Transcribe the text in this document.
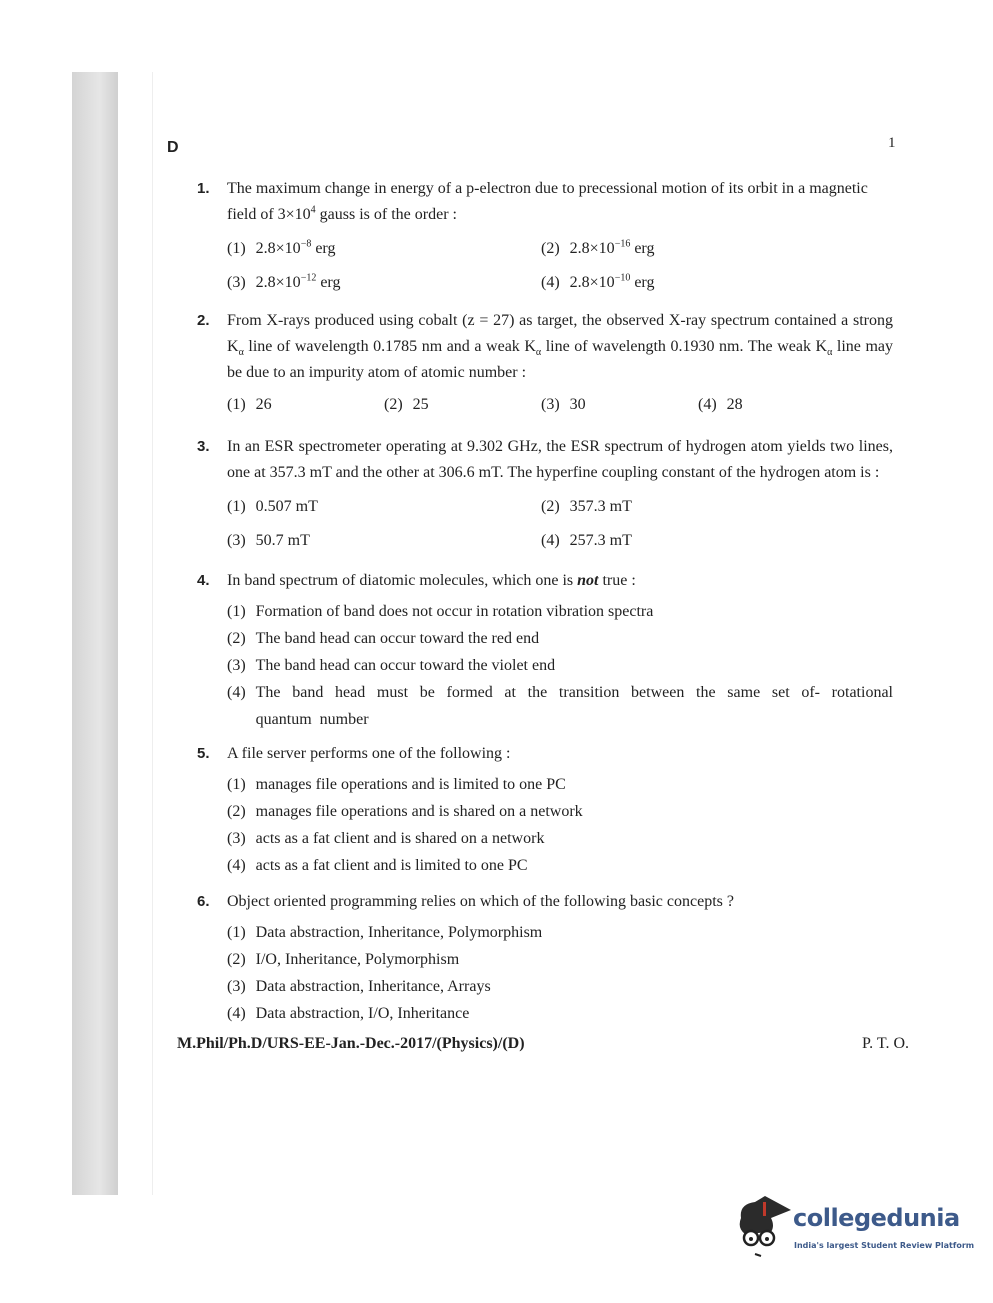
D	1
1. The maximum change in energy of a p-electron due to precessional motion of its orbit in a magnetic field of $3\times 10^4$ gauss is of the order :
(1) $2.8\times 10^{-8}$ erg	(2) $2.8\times 10^{-16}$ erg
(3) $2.8\times 10^{-12}$ erg	(4) $2.8\times 10^{-10}$ erg
2. From X-rays produced using cobalt (z = 27) as target, the observed X-ray spectrum contained a strong $K_\alpha$ line of wavelength 0.1785 nm and a weak $K_\alpha$ line of wavelength 0.1930 nm. The weak $K_\alpha$ line may be due to an impurity atom of atomic number :
(1) 26	(2) 25	(3) 30	(4) 28
3. In an ESR spectrometer operating at 9.302 GHz, the ESR spectrum of hydrogen atom yields two lines, one at 357.3 mT and the other at 306.6 mT. The hyperfine coupling constant of the hydrogen atom is :
(1) 0.507 mT	(2) 357.3 mT
(3) 50.7 mT	(4) 257.3 mT
4. In band spectrum of diatomic molecules, which one is not true :
(1) Formation of band does not occur in rotation vibration spectra
(2) The band head can occur toward the red end
(3) The band head can occur toward the violet end
(4) The band head must be formed at the transition between the same set of- rotational quantum number
5. A file server performs one of the following :
(1) manages file operations and is limited to one PC
(2) manages file operations and is shared on a network
(3) acts as a fat client and is shared on a network
(4) acts as a fat client and is limited to one PC
6. Object oriented programming relies on which of the following basic concepts ?
(1) Data abstraction, Inheritance, Polymorphism
(2) I/O, Inheritance, Polymorphism
(3) Data abstraction, Inheritance, Arrays
(4) Data abstraction, I/O, Inheritance
M.Phil/Ph.D/URS-EE-Jan.-Dec.-2017/(Physics)/(D)	P. T. O.
collegedunia
India's largest Student Review Platform
